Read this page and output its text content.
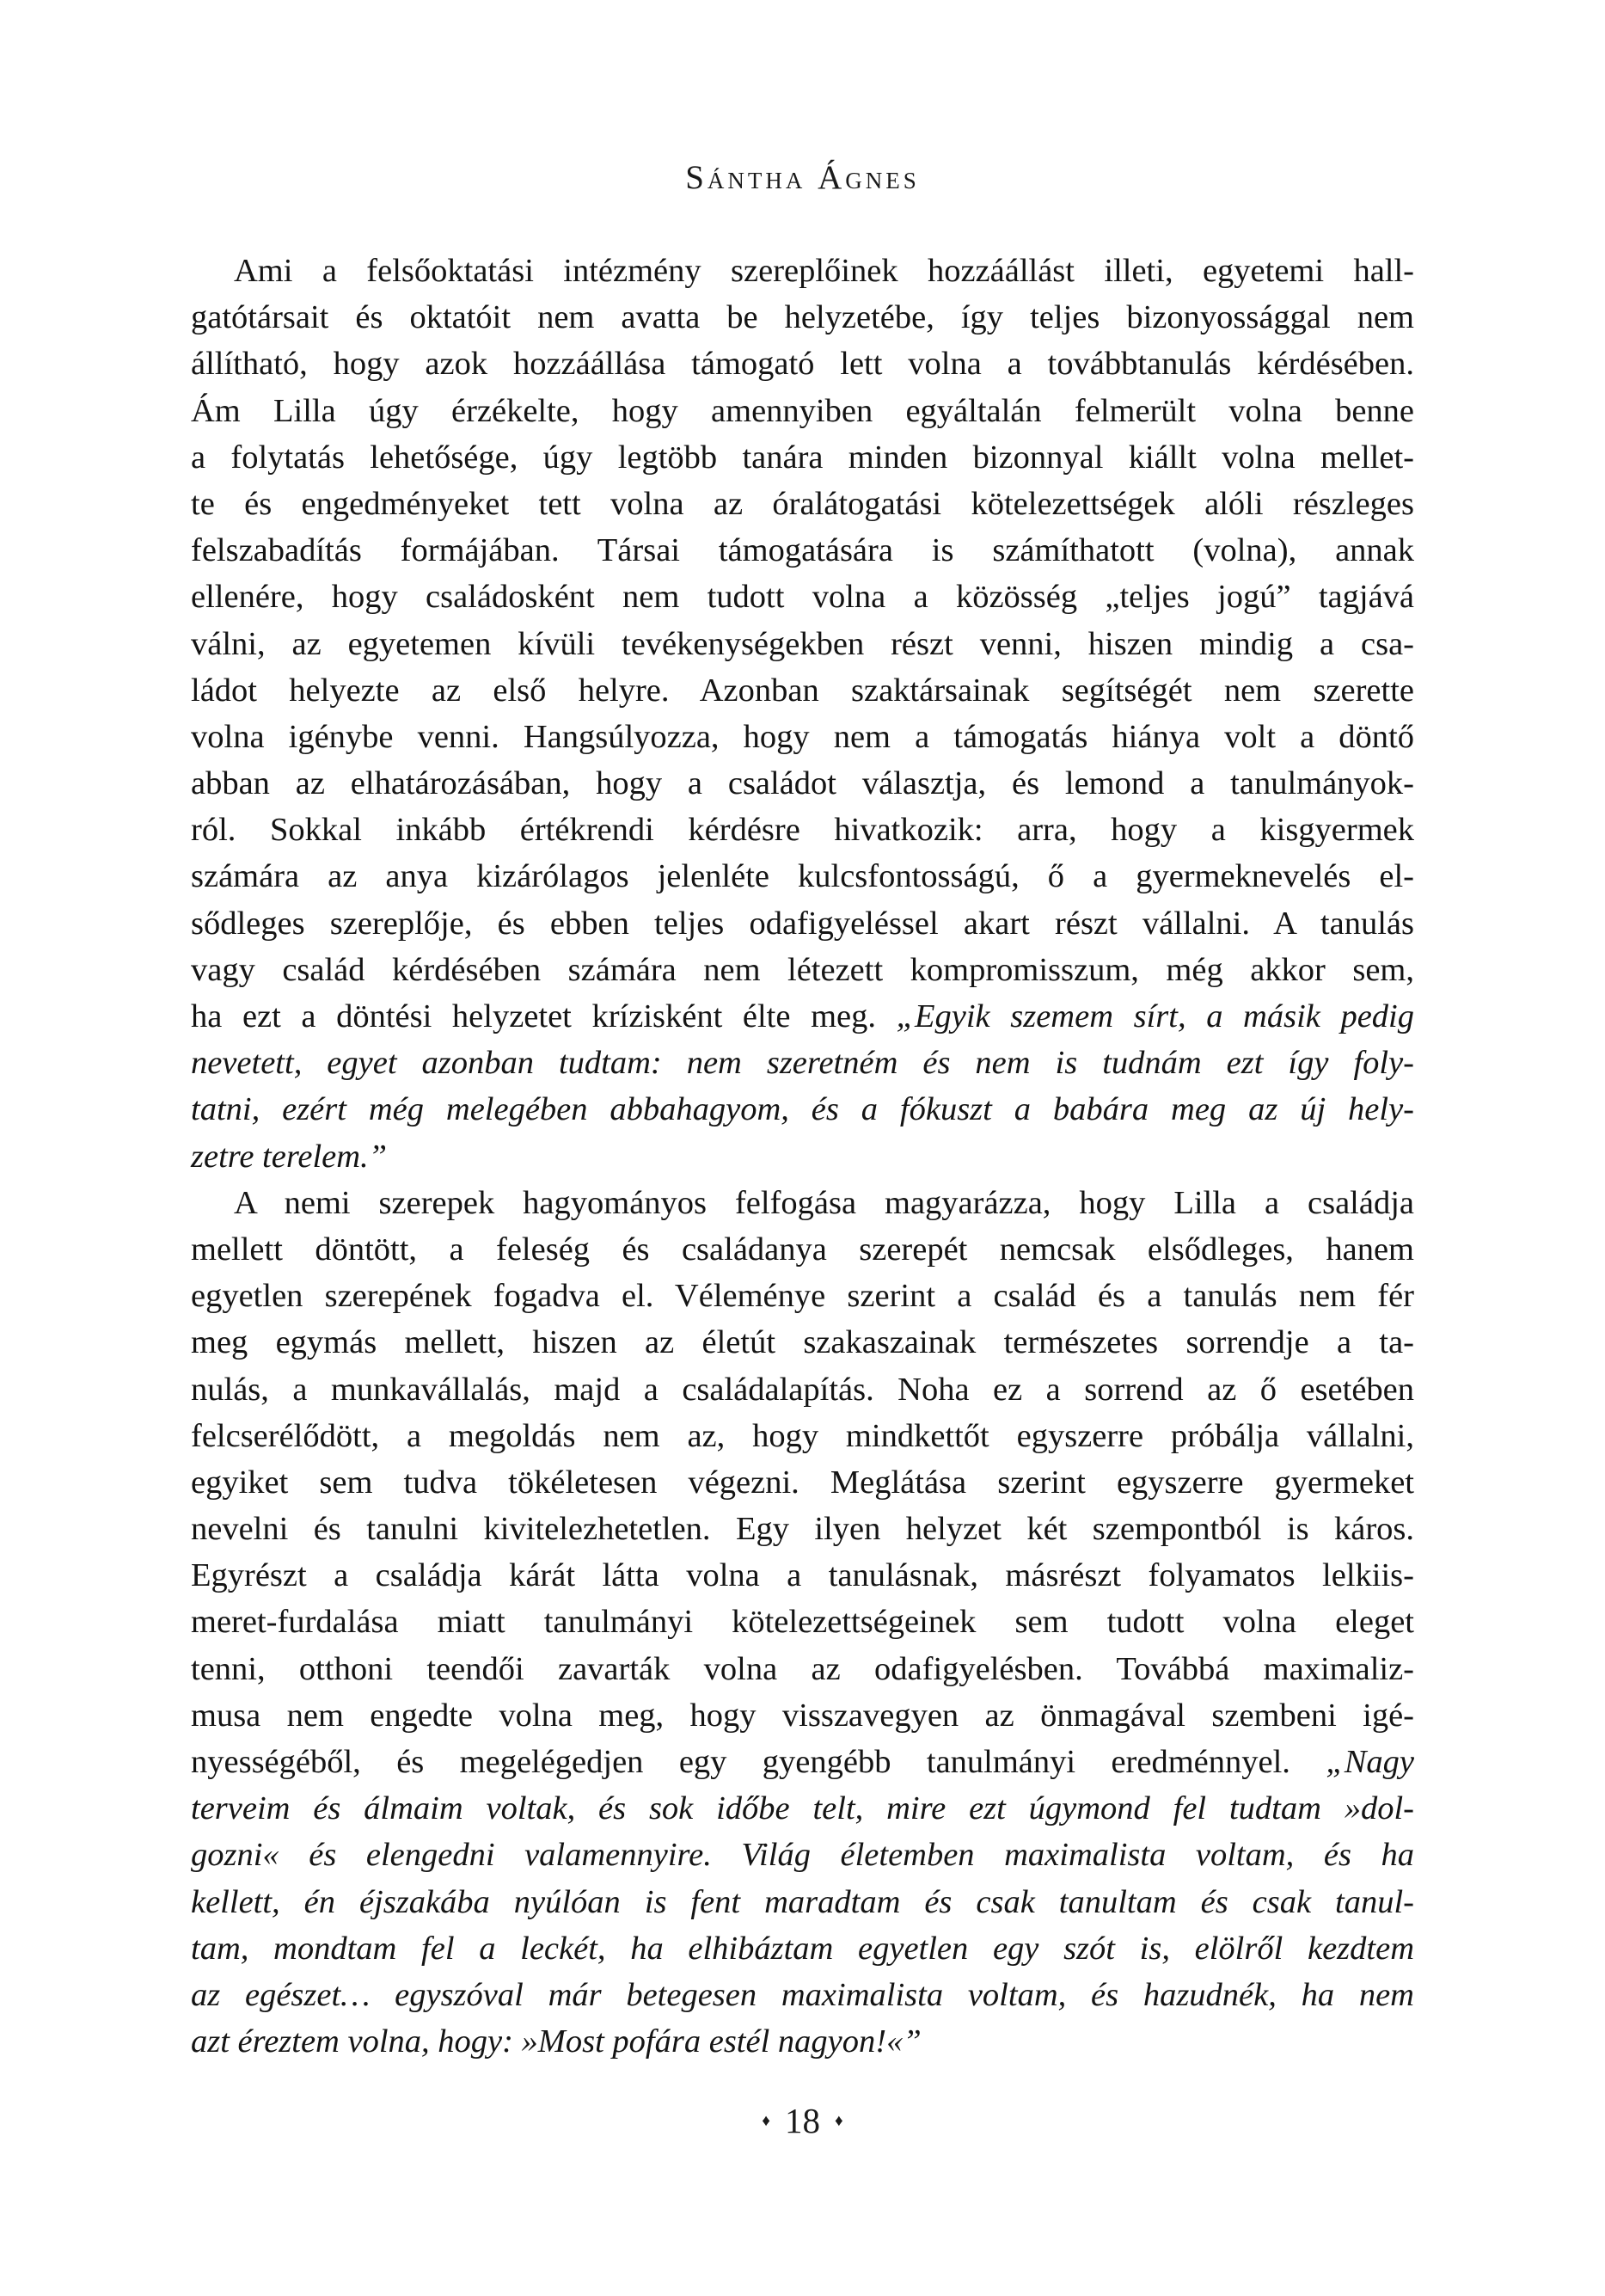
Sántha Ágnes
Ami a felsőoktatási intézmény szereplőinek hozzáállást illeti, egyetemi hall-
gatótársait és oktatóit nem avatta be helyzetébe, így teljes bizonyossággal nem
állítható, hogy azok hozzáállása támogató lett volna a továbbtanulás kérdésében.
Ám Lilla úgy érzékelte, hogy amennyiben egyáltalán felmerült volna benne
a folytatás lehetősége, úgy legtöbb tanára minden bizonnyal kiállt volna mellet-
te és engedményeket tett volna az óralátogatási kötelezettségek alóli részleges
felszabadítás formájában. Társai támogatására is számíthatott (volna), annak
ellenére, hogy családosként nem tudott volna a közösség „teljes jogú” tagjává
válni, az egyetemen kívüli tevékenységekben részt venni, hiszen mindig a csa-
ládot helyezte az első helyre. Azonban szaktársainak segítségét nem szerette
volna igénybe venni. Hangsúlyozza, hogy nem a támogatás hiánya volt a döntő
abban az elhatározásában, hogy a családot választja, és lemond a tanulmányok-
ról. Sokkal inkább értékrendi kérdésre hivatkozik: arra, hogy a kisgyermek
számára az anya kizárólagos jelenléte kulcsfontosságú, ő a gyermeknevelés el-
sődleges szereplője, és ebben teljes odafigyeléssel akart részt vállalni. A tanulás
vagy család kérdésében számára nem létezett kompromisszum, még akkor sem,
ha ezt a döntési helyzetet krízisként élte meg. „Egyik szemem sírt, a másik pedig
nevetett, egyet azonban tudtam: nem szeretném és nem is tudnám ezt így foly-
tatni, ezért még melegében abbahagyom, és a fókuszt a babára meg az új hely-
zetre terelem.”
A nemi szerepek hagyományos felfogása magyarázza, hogy Lilla a családja
mellett döntött, a feleség és családanya szerepét nemcsak elsődleges, hanem
egyetlen szerepének fogadva el. Véleménye szerint a család és a tanulás nem fér
meg egymás mellett, hiszen az életút szakaszainak természetes sorrendje a ta-
nulás, a munkavállalás, majd a családalapítás. Noha ez a sorrend az ő esetében
felcserélődött, a megoldás nem az, hogy mindkettőt egyszerre próbálja vállalni,
egyiket sem tudva tökéletesen végezni. Meglátása szerint egyszerre gyermeket
nevelni és tanulni kivitelezhetetlen. Egy ilyen helyzet két szempontból is káros.
Egyrészt a családja kárát látta volna a tanulásnak, másrészt folyamatos lelkiis-
meret-furdalása miatt tanulmányi kötelezettségeinek sem tudott volna eleget
tenni, otthoni teendői zavarták volna az odafigyelésben. Továbbá maximaliz-
musa nem engedte volna meg, hogy visszavegyen az önmagával szembeni igé-
nyességéből, és megelégedjen egy gyengébb tanulmányi eredménnyel. „Nagy
terveim és álmaim voltak, és sok időbe telt, mire ezt úgymond fel tudtam »dol-
gozni« és elengedni valamennyire. Világ életemben maximalista voltam, és ha
kellett, én éjszakába nyúlóan is fent maradtam és csak tanultam és csak tanul-
tam, mondtam fel a leckét, ha elhibáztam egyetlen egy szót is, elölről kezdtem
az egészet… egyszóval már betegesen maximalista voltam, és hazudnék, ha nem
azt éreztem volna, hogy: »Most pofára estél nagyon!«”
♦ 18 ♦
